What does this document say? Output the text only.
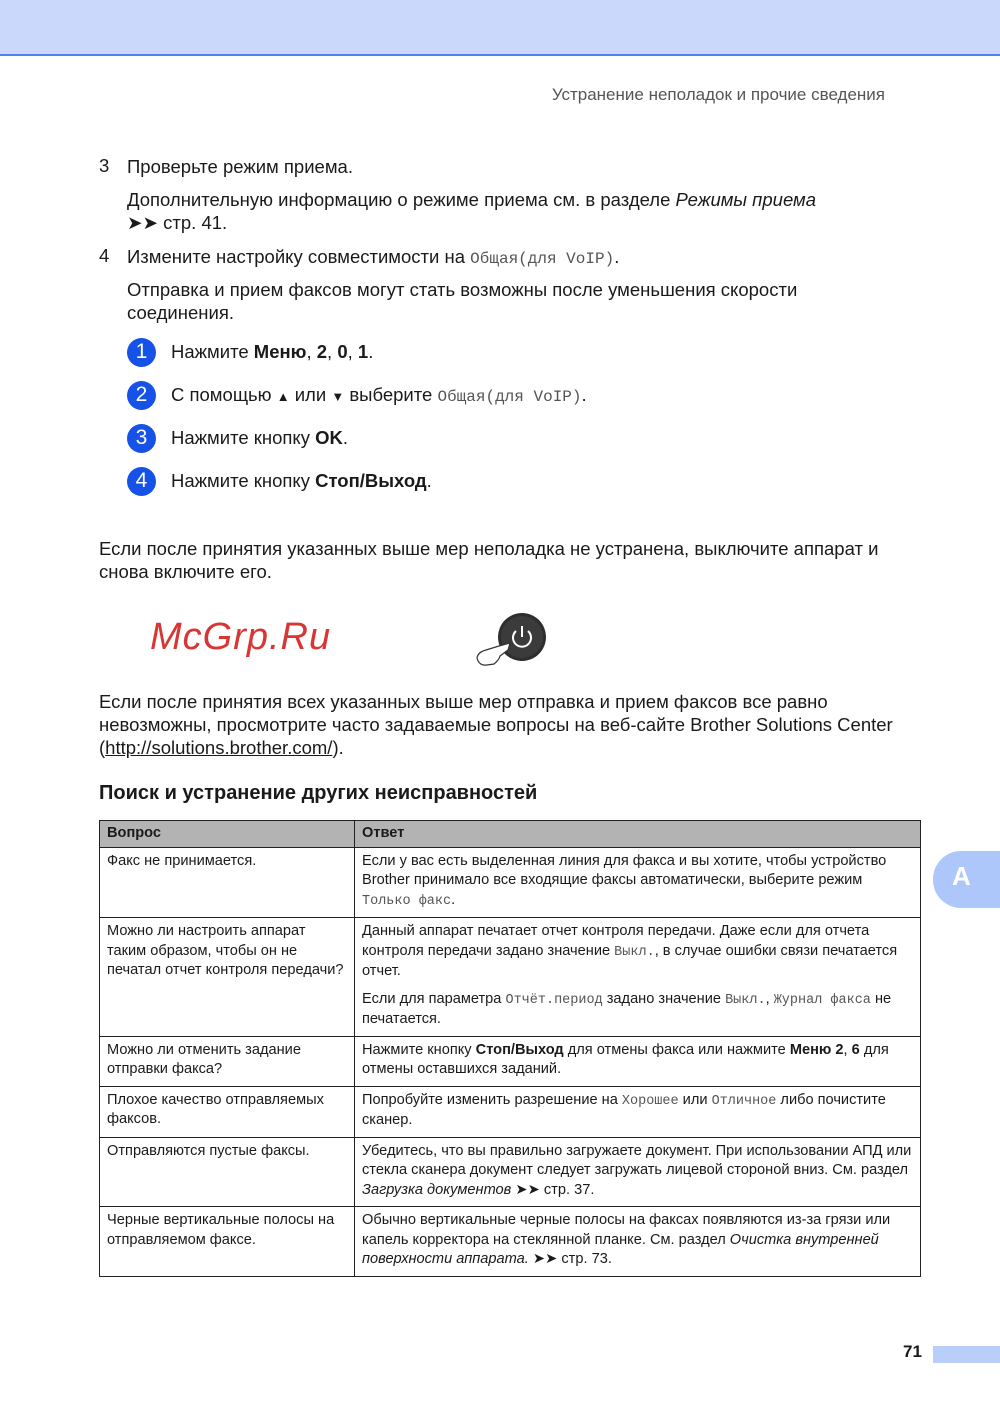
Устранение неполадок и прочие сведения
3 Проверьте режим приема.
Дополнительную информацию о режиме приема см. в разделе Режимы приема
➤➤ стр. 41.
4 Измените настройку совместимости на Общая(для VoIP).
Отправка и прием факсов могут стать возможны после уменьшения скорости соединения.
1	Нажмите Меню, 2, 0, 1.
2	С помощью ▲ или ▼ выберите Общая(для VoIP).
3	Нажмите кнопку OK.
4	Нажмите кнопку Стоп/Выход.
Если после принятия указанных выше мер неполадка не устранена, выключите аппарат и снова включите его.
McGrp.Ru
Если после принятия всех указанных выше мер отправка и прием факсов все равно невозможны, просмотрите часто задаваемые вопросы на веб-сайте Brother Solutions Center (http://solutions.brother.com/).
Поиск и устранение других неисправностей
Вопрос	Ответ
Факс не принимается.	Если у вас есть выделенная линия для факса и вы хотите, чтобы устройство Brother принимало все входящие факсы автоматически, выберите режим Только факс.
Можно ли настроить аппарат таким образом, чтобы он не печатал отчет контроля передачи?	Данный аппарат печатает отчет контроля передачи. Даже если для отчета контроля передачи задано значение Выкл., в случае ошибки связи печатается отчет.
Если для параметра Отчёт.период задано значение Выкл., Журнал факса не печатается.

Можно ли отменить задание отправки факса?	Нажмите кнопку Стоп/Выход для отмены факса или нажмите Меню 2, 6 для отмены оставшихся заданий.
Плохое качество отправляемых факсов.	Попробуйте изменить разрешение на Хорошее или Отличное либо почистите сканер.
Отправляются пустые факсы.	Убедитесь, что вы правильно загружаете документ. При использовании АПД или стекла сканера документ следует загружать лицевой стороной вниз. См. раздел Загрузка документов ➤➤ стр. 37.
Черные вертикальные полосы на отправляемом факсе.	Обычно вертикальные черные полосы на факсах появляются из-за грязи или капель корректора на стеклянной планке. См. раздел Очистка внутренней поверхности аппарата. ➤➤ стр. 73.
A
71
